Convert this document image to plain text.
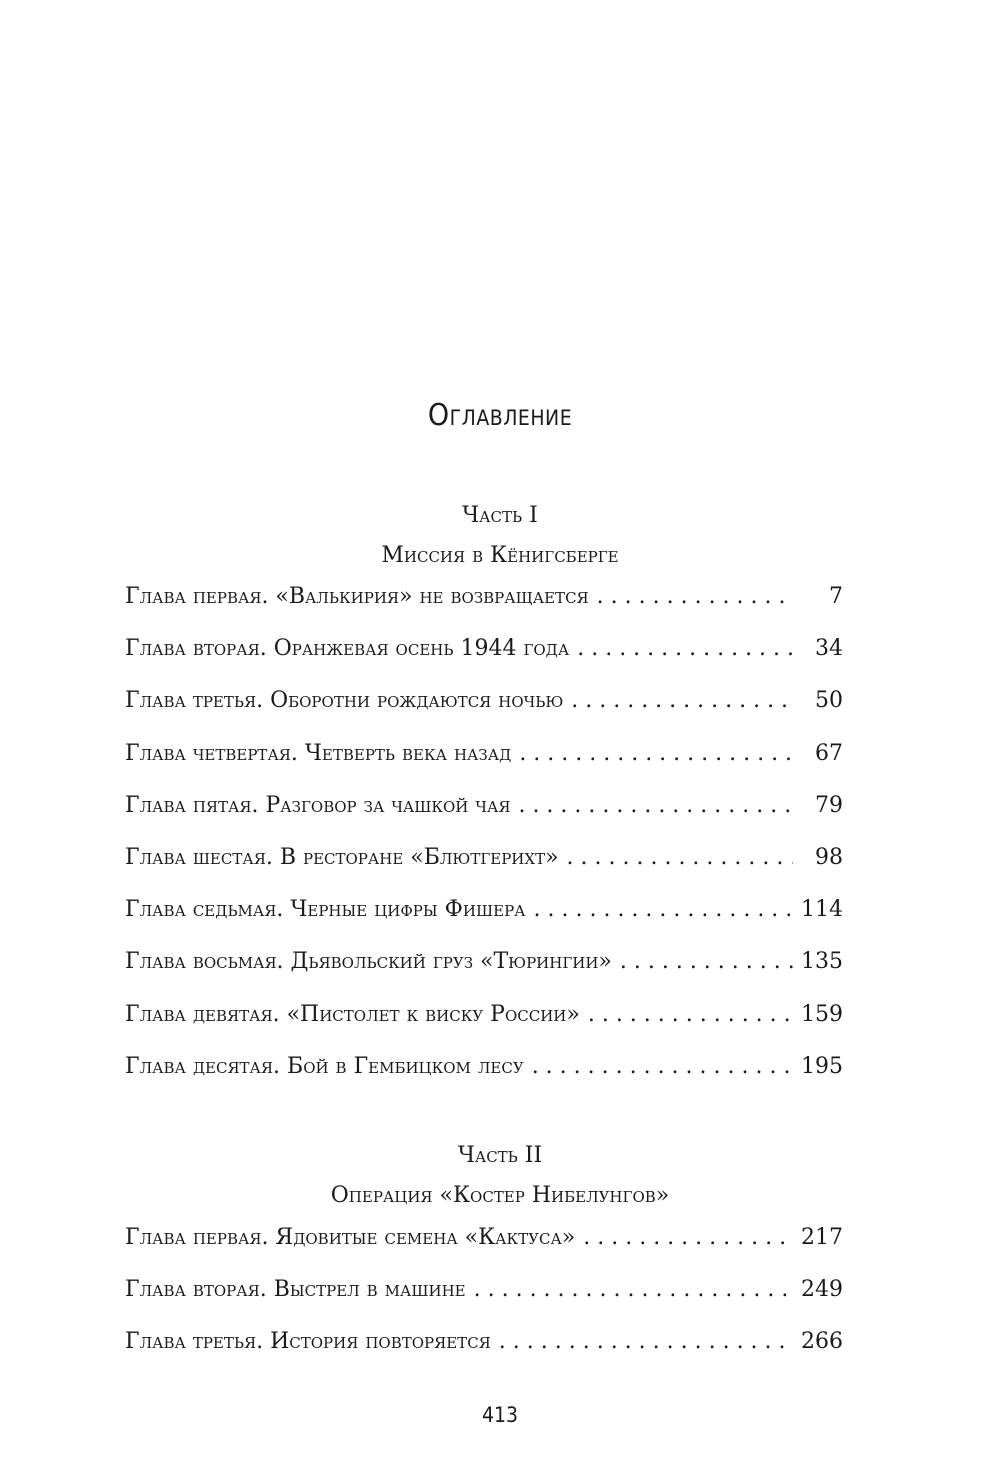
Оглавление
Часть I
Миссия в Кёнигсберге
Глава первая. «Валькирия» не возвращается . . .	7
Глава вторая. Оранжевая осень 1944 года . . .	34
Глава третья. Оборотни рождаются ночью . . .	50
Глава четвертая. Четверть века назад . . .	67
Глава пятая. Разговор за чашкой чая . . .	79
Глава шестая. В ресторане «Блютгерихт» . . .	98
Глава седьмая. Черные цифры Фишера . . .	114
Глава восьмая. Дьявольский груз «Тюрингии» . . .	135
Глава девятая. «Пистолет к виску России» . . .	159
Глава десятая. Бой в Гембицком лесу . . .	195
Часть II
Операция «Костер Нибелунгов»
Глава первая. Ядовитые семена «Кактуса» . . .	217
Глава вторая. Выстрел в машине . . .	249
Глава третья. История повторяется . . .	266
413
